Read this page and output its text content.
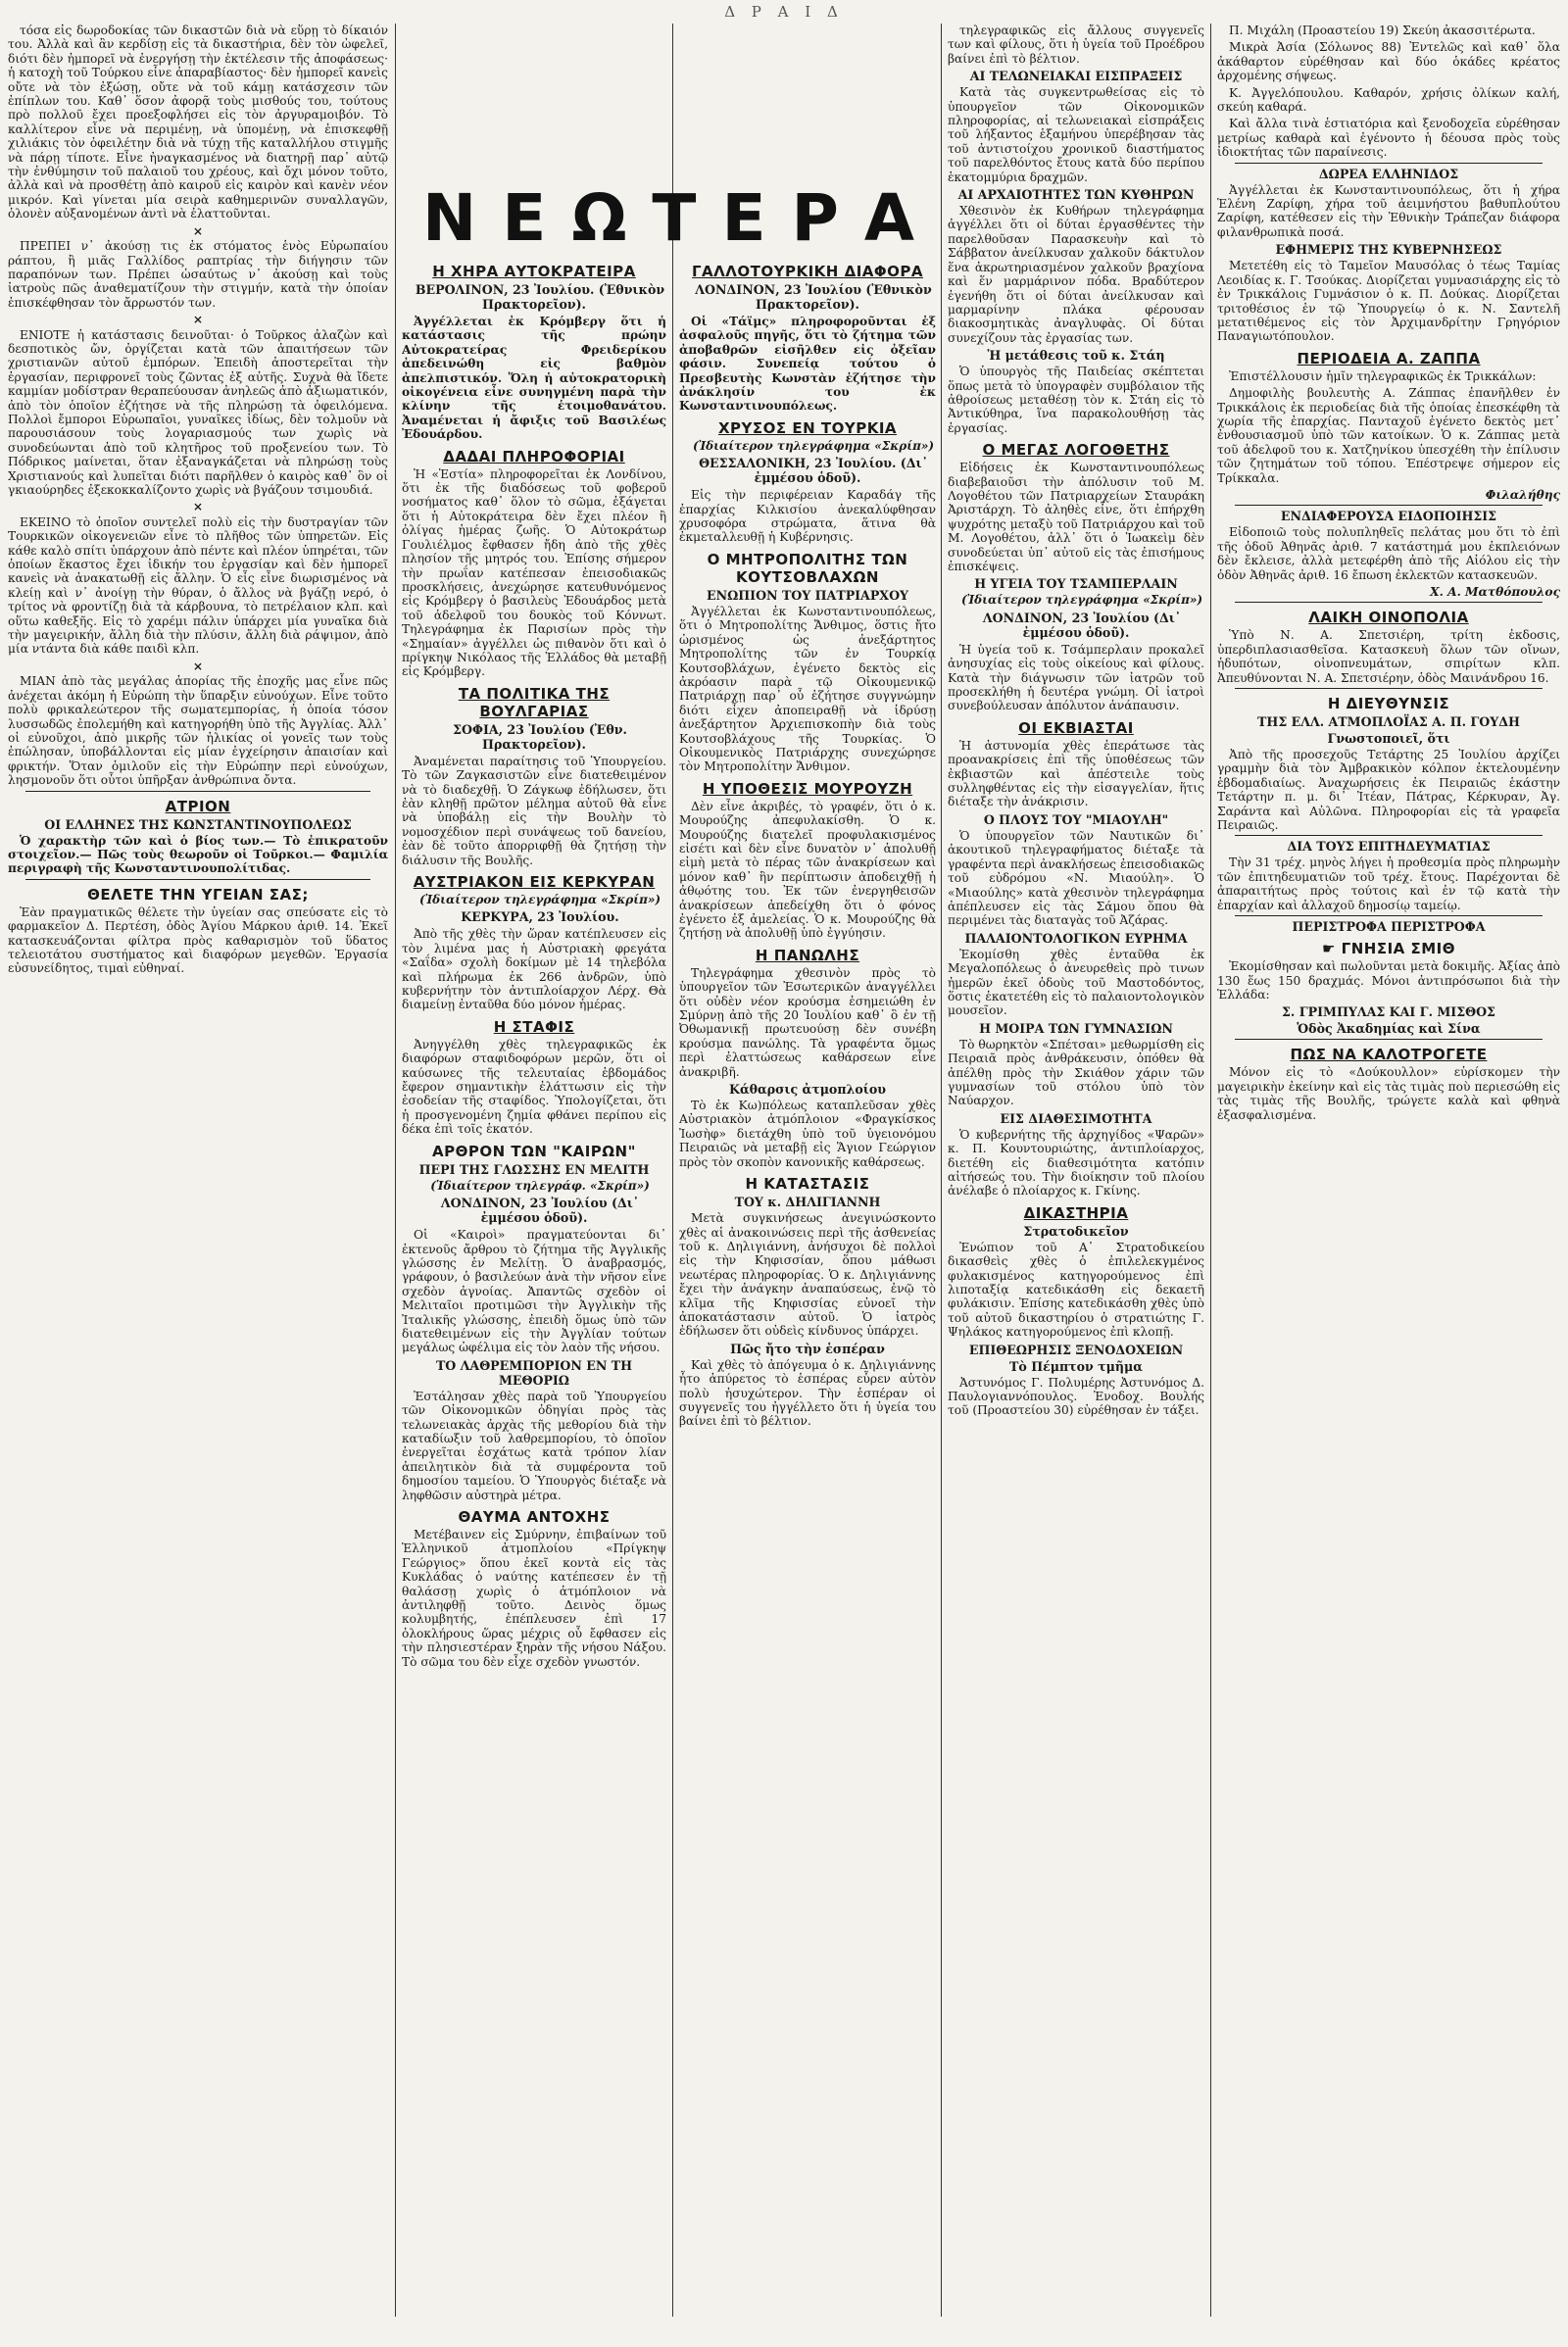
Δ Ρ Α Ι Δ

τόσα εἰς δωροδοκίας τῶν δικαστῶν διὰ νὰ εὕρῃ τὸ δίκαιόν του. Ἀλλὰ καὶ ἂν κερδίσῃ εἰς τὰ δικαστήρια, δὲν τὸν ὠφελεῖ, διότι δὲν ἠμπορεῖ νὰ ἐνεργήσῃ τὴν ἐκτέλεσιν τῆς ἀποφάσεως· ἡ κατοχὴ τοῦ Τούρκου εἶνε ἀπαραβίαστος· δὲν ἠμπορεῖ κανεὶς οὔτε νὰ τὸν ἐξώσῃ, οὔτε νὰ τοῦ κάμῃ κατάσχεσιν τῶν ἐπίπλων του. Καθ᾽ ὅσον ἀφορᾷ τοὺς μισθούς του, τούτους πρὸ πολλοῦ ἔχει προεξοφλήσει εἰς τὸν ἀργυραμοιβόν. Τὸ καλλίτερον εἶνε νὰ περιμένῃ, νὰ ὑπομένῃ, νὰ ἐπισκεφθῇ χιλιάκις τὸν ὀφειλέτην διὰ νὰ τύχῃ τῆς καταλλήλου στιγμῆς νὰ πάρῃ τίποτε. Εἶνε ἠναγκασμένος νὰ διατηρῇ παρ᾽ αὐτῷ τὴν ἐνθύμησιν τοῦ παλαιοῦ του χρέους, καὶ ὄχι μόνον τοῦτο, ἀλλὰ καὶ νὰ προσθέτῃ ἀπὸ καιροῦ εἰς καιρὸν καὶ κανὲν νέον μικρόν. Καὶ γίνεται μία σειρὰ καθημερινῶν συναλλαγῶν, ὁλονὲν αὐξανομένων ἀντὶ νὰ ἐλαττοῦνται.

×

ΠΡΕΠΕΙ ν᾽ ἀκούσῃ τις ἐκ στόματος ἑνὸς Εὐρωπαίου ράπτου, ἢ μιᾶς Γαλλίδος ραπτρίας τὴν διήγησιν τῶν παραπόνων των. Πρέπει ὡσαύτως ν᾽ ἀκούσῃ καὶ τοὺς ἰατροὺς πῶς ἀναθεματίζουν τὴν στιγμήν, κατὰ τὴν ὁποίαν ἐπισκέφθησαν τὸν ἄρρωστόν των.

×

ΕΝΙΟΤΕ ἡ κατάστασις δεινοῦται· ὁ Τοῦρκος ἀλαζὼν καὶ δεσποτικὸς ὤν, ὀργίζεται κατὰ τῶν ἀπαιτήσεων τῶν χριστιανῶν αὐτοῦ ἐμπόρων. Ἐπειδὴ ἀποστερεῖται τὴν ἐργασίαν, περιφρονεῖ τοὺς ζῶντας ἐξ αὐτῆς. Συχνὰ θὰ ἴδετε καμμίαν μοδίστραν θεραπεύουσαν ἀνηλεῶς ἀπὸ ἀξιωματικόν, ἀπὸ τὸν ὁποῖον ἐζήτησε νὰ τῆς πληρώσῃ τὰ ὀφειλόμενα. Πολλοὶ ἔμποροι Εὐρωπαῖοι, γυναῖκες ἰδίως, δὲν τολμοῦν νὰ παρουσιάσουν τοὺς λογαριασμούς των χωρὶς νὰ συνοδεύωνται ἀπὸ τοῦ κλητῆρος τοῦ προξενείου των. Τὸ Πόδρικος μαίνεται, ὅταν ἐξαναγκάζεται νὰ πληρώσῃ τοὺς Χριστιανούς καὶ λυπεῖται διότι παρῆλθεν ὁ καιρὸς καθ᾽ ὃν οἱ γκιαούρηδες ἐξεκοκκαλίζοντο χωρὶς νὰ βγάζουν τσιμουδιά.

×

ΕΚΕΙΝΟ τὸ ὁποῖον συντελεῖ πολὺ εἰς τὴν δυστραγίαν τῶν Τουρκικῶν οἰκογενειῶν εἶνε τὸ πλῆθος τῶν ὑπηρετῶν. Εἰς κάθε καλὸ σπίτι ὑπάρχουν ἀπὸ πέντε καὶ πλέον ὑπηρέται, τῶν ὁποίων ἕκαστος ἔχει ἰδικήν του ἐργασίαν καὶ δὲν ἠμπορεῖ κανεὶς νὰ ἀνακατωθῇ εἰς ἄλλην. Ὁ εἷς εἶνε διωρισμένος νὰ κλείῃ καὶ ν᾽ ἀνοίγῃ τὴν θύραν, ὁ ἄλλος νὰ βγάζῃ νερό, ὁ τρίτος νὰ φροντίζῃ διὰ τὰ κάρβουνα, τὸ πετρέλαιον κλπ. καὶ οὕτω καθεξῆς. Εἰς τὸ χαρέμι πάλιν ὑπάρχει μία γυναῖκα διὰ τὴν μαγειρικήν, ἄλλη διὰ τὴν πλύσιν, ἄλλη διὰ ράψιμον, ἀπὸ μία ντάντα διὰ κάθε παιδὶ κλπ.

×

ΜΙΑΝ ἀπὸ τὰς μεγάλας ἀπορίας τῆς ἐποχῆς μας εἶνε πῶς ἀνέχεται ἀκόμη ἡ Εὐρώπη τὴν ὕπαρξιν εὐνούχων. Εἶνε τοῦτο πολὺ φρικαλεώτερον τῆς σωματεμπορίας, ἡ ὁποία τόσον λυσσωδῶς ἐπολεμήθη καὶ κατηγορήθη ὑπὸ τῆς Ἀγγλίας. Ἀλλ᾽ οἱ εὐνοῦχοι, ἀπὸ μικρῆς τῶν ἡλικίας οἱ γονεῖς των τοὺς ἐπώλησαν, ὑποβάλλονται εἰς μίαν ἐγχείρησιν ἀπαισίαν καὶ φρικτήν. Ὅταν ὁμιλοῦν εἰς τὴν Εὐρώπην περὶ εὐνούχων, λησμονοῦν ὅτι οὗτοι ὑπῆρξαν ἀνθρώπινα ὄντα.

ΑΤΡΙΟΝ
ΟΙ ΕΛΛΗΝΕΣ ΤΗΣ ΚΩΝΣΤΑΝΤΙΝΟΥΠΟΛΕΩΣ

Ὁ χαρακτὴρ τῶν καὶ ὁ βίος των.— Τὸ ἐπικρατοῦν στοιχεῖον.— Πῶς τοὺς θεωροῦν οἱ Τοῦρκοι.— Φαμιλία περιγραφὴ τῆς Κωνσταντινουπολίτιδας.

ΘΕΛΕΤΕ ΤΗΝ ΥΓΕΙΑΝ ΣΑΣ;

Ἐὰν πραγματικῶς θέλετε τὴν ὑγείαν σας σπεύσατε εἰς τὸ φαρμακεῖον Δ. Περτέση, ὁδὸς Ἁγίου Μάρκου ἀριθ. 14. Ἐκεῖ κατασκευάζονται φίλτρα πρὸς καθαρισμὸν τοῦ ὕδατος τελειοτάτου συστήματος καὶ διαφόρων μεγεθῶν. Ἐργασία εὐσυνείδητος, τιμαὶ εὐθηναί.

ΝΕΩΤΕΡΑ
Η ΧΗΡΑ ΑΥΤΟΚΡΑΤΕΙΡΑ

ΒΕΡΟΛΙΝΟΝ, 23 Ἰουλίου. (Ἐθνικὸν Πρακτορεῖον).

Ἀγγέλλεται ἐκ Κρόμβεργ ὅτι ἡ κατάστασις τῆς πρώην Αὐτοκρατείρας Φρειδερίκου ἀπεδεινώθη εἰς βαθμὸν ἀπελπιστικόν. Ὅλη ἡ αὐτοκρατορικὴ οἰκογένεια εἶνε συνηγμένη παρὰ τὴν κλίνην τῆς ἑτοιμοθανάτου. Ἀναμένεται ἡ ἄφιξις τοῦ Βασιλέως Ἐδουάρδου.

ΔΑΔΑΙ ΠΛΗΡΟΦΟΡΙΑΙ

Ἡ «Ἑστία» πληροφορεῖται ἐκ Λονδίνου, ὅτι ἐκ τῆς διαδόσεως τοῦ φοβεροῦ νοσήματος καθ᾽ ὅλον τὸ σῶμα, ἐξάγεται ὅτι ἡ Αὐτοκράτειρα δὲν ἔχει πλέον ἢ ὀλίγας ἡμέρας ζωῆς. Ὁ Αὐτοκράτωρ Γουλιέλμος ἔφθασεν ἤδη ἀπὸ τῆς χθὲς πλησίον τῆς μητρός του. Ἐπίσης σήμερον τὴν πρωΐαν κατέπεσαν ἐπεισοδιακῶς προσκλήσεις, ἀνεχώρησε κατευθυνόμενος εἰς Κρόμβεργ ὁ βασιλεὺς Ἐδουάρδος μετὰ τοῦ ἀδελφοῦ του δουκὸς τοῦ Κόννωτ. Τηλεγράφημα ἐκ Παρισίων πρὸς τὴν «Σημαίαν» ἀγγέλλει ὡς πιθανὸν ὅτι καὶ ὁ πρίγκηψ Νικόλαος τῆς Ἑλλάδος θὰ μεταβῇ εἰς Κρόμβεργ.

ΤΑ ΠΟΛΙΤΙΚΑ ΤΗΣ ΒΟΥΛΓΑΡΙΑΣ

ΣΟΦΙΑ, 23 Ἰουλίου (Ἐθν. Πρακτορεῖον).

Ἀναμένεται παραίτησις τοῦ Ὑπουργείου. Τὸ τῶν Ζαγκασιστῶν εἶνε διατεθειμένον νὰ τὸ διαδεχθῇ. Ὁ Ζάγκωφ ἐδήλωσεν, ὅτι ἐὰν κληθῇ πρῶτον μέλημα αὐτοῦ θὰ εἶνε νὰ ὑποβάλῃ εἰς τὴν Βουλὴν τὸ νομοσχέδιον περὶ συνάψεως τοῦ δανείου, ἐὰν δὲ τοῦτο ἀπορριφθῇ θὰ ζητήσῃ τὴν διάλυσιν τῆς Βουλῆς.

ΑΥΣΤΡΙΑΚΟΝ ΕΙΣ ΚΕΡΚΥΡΑΝ

(Ἰδιαίτερον τηλεγράφημα «Σκρίπ»)

ΚΕΡΚΥΡΑ, 23 Ἰουλίου.

Ἀπὸ τῆς χθὲς τὴν ὥραν κατέπλευσεν εἰς τὸν λιμένα μας ἡ Αὐστριακὴ φρεγάτα «Σαΐδα» σχολὴ δοκίμων μὲ 14 τηλεβόλα καὶ πλήρωμα ἐκ 266 ἀνδρῶν, ὑπὸ κυβερνήτην τὸν ἀντιπλοίαρχον Λέρχ. Θὰ διαμείνῃ ἐνταῦθα δύο μόνον ἡμέρας.

Η ΣΤΑΦΙΣ

Ἀνηγγέλθη χθὲς τηλεγραφικῶς ἐκ διαφόρων σταφιδοφόρων μερῶν, ὅτι οἱ καύσωνες τῆς τελευταίας ἑβδομάδος ἔφερον σημαντικὴν ἐλάττωσιν εἰς τὴν ἐσοδείαν τῆς σταφίδος. Ὑπολογίζεται, ὅτι ἡ προσγενομένη ζημία φθάνει περίπου εἰς δέκα ἐπὶ τοῖς ἑκατόν.

ΑΡΘΡΟΝ ΤΩΝ "ΚΑΙΡΩΝ"
ΠΕΡΙ ΤΗΣ ΓΛΩΣΣΗΣ ΕΝ ΜΕΛΙΤΗ

(Ἰδιαίτερον τηλεγράφ. «Σκρίπ»)

ΛΟΝΔΙΝΟΝ, 23 Ἰουλίου (Δι᾽ ἐμμέσου ὁδοῦ).

Οἱ «Καιροὶ» πραγματεύονται δι᾽ ἐκτενοῦς ἄρθρου τὸ ζήτημα τῆς Ἀγγλικῆς γλώσσης ἐν Μελίτῃ. Ὁ ἀναβρασμός, γράφουν, ὁ βασιλεύων ἀνὰ τὴν νῆσον εἶνε σχεδὸν ἀγνοίας. Ἀπαντῶς σχεδὸν οἱ Μελιταῖοι προτιμῶσι τὴν Ἀγγλικὴν τῆς Ἰταλικῆς γλώσσης, ἐπειδὴ ὅμως ὑπὸ τῶν διατεθειμένων εἰς τὴν Ἀγγλίαν τούτων μεγάλως ὠφέλιμα εἰς τὸν λαὸν τῆς νήσου.

ΤΟ ΛΑΘΡΕΜΠΟΡΙΟΝ ΕΝ ΤΗ ΜΕΘΟΡΙΩ

Ἐστάλησαν χθὲς παρὰ τοῦ Ὑπουργείου τῶν Οἰκονομικῶν ὁδηγίαι πρὸς τὰς τελωνειακὰς ἀρχὰς τῆς μεθορίου διὰ τὴν καταδίωξιν τοῦ λαθρεμπορίου, τὸ ὁποῖον ἐνεργεῖται ἐσχάτως κατὰ τρόπον λίαν ἀπειλητικὸν διὰ τὰ συμφέροντα τοῦ δημοσίου ταμείου. Ὁ Ὑπουργὸς διέταξε νὰ ληφθῶσιν αὐστηρὰ μέτρα.

ΘΑΥΜΑ ΑΝΤΟΧΗΣ

Μετέβαινεν εἰς Σμύρνην, ἐπιβαίνων τοῦ Ἑλληνικοῦ ἀτμοπλοίου «Πρίγκηψ Γεώργιος» ὅπου ἐκεῖ κοντὰ εἰς τὰς Κυκλάδας ὁ ναύτης κατέπεσεν ἐν τῇ θαλάσσῃ χωρὶς ὁ ἀτμόπλοιον νὰ ἀντιληφθῇ τοῦτο. Δεινὸς ὅμως κολυμβητής, ἐπέπλευσεν ἐπὶ 17 ὁλοκλήρους ὥρας μέχρις οὗ ἔφθασεν εἰς τὴν πλησιεστέραν ξηρὰν τῆς νήσου Νάξου. Τὸ σῶμα του δὲν εἶχε σχεδὸν γνωστόν.

ΓΑΛΛΟΤΟΥΡΚΙΚΗ ΔΙΑΦΟΡΑ

ΛΟΝΔΙΝΟΝ, 23 Ἰουλίου (Ἐθνικὸν Πρακτορεῖον).

Οἱ «Τάϊμς» πληροφοροῦνται ἐξ ἀσφαλοῦς πηγῆς, ὅτι τὸ ζήτημα τῶν ἀποβαθρῶν εἰσῆλθεν εἰς ὀξεῖαν φάσιν. Συνεπείᾳ τούτου ὁ Πρεσβευτὴς Κωνστὰν ἐζήτησε τὴν ἀνάκλησίν του ἐκ Κωνσταντινουπόλεως.

ΧΡΥΣΟΣ ΕΝ ΤΟΥΡΚΙΑ

(Ἰδιαίτερον τηλεγράφημα «Σκρίπ»)

ΘΕΣΣΑΛΟΝΙΚΗ, 23 Ἰουλίου. (Δι᾽ ἐμμέσου ὁδοῦ).

Εἰς τὴν περιφέρειαν Καραδάγ τῆς ἐπαρχίας Κιλκισίου ἀνεκαλύφθησαν χρυσοφόρα στρώματα, ἅτινα θὰ ἐκμεταλλευθῇ ἡ Κυβέρνησις.

Ο ΜΗΤΡΟΠΟΛΙΤΗΣ ΤΩΝ ΚΟΥΤΣΟΒΛΑΧΩΝ
ΕΝΩΠΙΟΝ ΤΟΥ ΠΑΤΡΙΑΡΧΟΥ

Ἀγγέλλεται ἐκ Κωνσταντινουπόλεως, ὅτι ὁ Μητροπολίτης Ἄνθιμος, ὅστις ἤτο ὡρισμένος ὡς ἀνεξάρτητος Μητροπολίτης τῶν ἐν Τουρκίᾳ Κουτσοβλάχων, ἐγένετο δεκτὸς εἰς ἀκρόασιν παρὰ τῷ Οἰκουμενικῷ Πατριάρχῃ παρ᾽ οὗ ἐζήτησε συγγνώμην διότι εἶχεν ἀποπειραθῇ νὰ ἱδρύσῃ ἀνεξάρτητον Ἀρχιεπισκοπὴν διὰ τοὺς Κουτσοβλάχους τῆς Τουρκίας. Ὁ Οἰκουμενικὸς Πατριάρχης συνεχώρησε τὸν Μητροπολίτην Ἄνθιμον.

Η ΥΠΟΘΕΣΙΣ ΜΟΥΡΟΥΖΗ

Δὲν εἶνε ἀκριβές, τὸ γραφέν, ὅτι ὁ κ. Μουρούζης ἀπεφυλακίσθη. Ὁ κ. Μουρούζης διατελεῖ προφυλακισμένος εἰσέτι καὶ δὲν εἶνε δυνατὸν ν᾽ ἀπολυθῇ εἰμὴ μετὰ τὸ πέρας τῶν ἀνακρίσεων καὶ μόνον καθ᾽ ἣν περίπτωσιν ἀποδειχθῇ ἡ ἀθῳότης του. Ἐκ τῶν ἐνεργηθεισῶν ἀνακρίσεων ἀπεδείχθη ὅτι ὁ φόνος ἐγένετο ἐξ ἀμελείας. Ὁ κ. Μουρούζης θὰ ζητήσῃ νὰ ἀπολυθῇ ὑπὸ ἐγγύησιν.

Η ΠΑΝΩΛΗΣ

Τηλεγράφημα χθεσινὸν πρὸς τὸ ὑπουργεῖον τῶν Ἐσωτερικῶν ἀναγγέλλει ὅτι οὐδὲν νέον κρούσμα ἐσημειώθη ἐν Σμύρνῃ ἀπὸ τῆς 20 Ἰουλίου καθ᾽ ὃ ἐν τῇ Ὀθωμανικῇ πρωτευούσῃ δὲν συνέβη κρούσμα πανώλης. Τὰ γραφέντα ὅμως περὶ ἐλαττώσεως καθάρσεων εἶνε ἀνακριβῆ.

Κάθαρσις ἀτμοπλοίου

Τὸ ἐκ Κω)πόλεως καταπλεῦσαν χθὲς Αὐστριακὸν ἀτμόπλοιον «Φραγκίσκος Ἰωσὴφ» διετάχθη ὑπὸ τοῦ ὑγειονόμου Πειραιῶς νὰ μεταβῇ εἰς Ἅγιον Γεώργιον πρὸς τὸν σκοπὸν κανονικῆς καθάρσεως.

Η ΚΑΤΑΣΤΑΣΙΣ
ΤΟΥ κ. ΔΗΛΙΓΙΑΝΝΗ

Μετὰ συγκινήσεως ἀνεγινώσκοντο χθὲς αἱ ἀνακοινώσεις περὶ τῆς ἀσθενείας τοῦ κ. Δηλιγιάννη, ἀνήσυχοι δὲ πολλοὶ εἰς τὴν Κηφισσίαν, ὅπου μάθωσι νεωτέρας πληροφορίας. Ὁ κ. Δηλιγιάννης ἔχει τὴν ἀνάγκην ἀναπαύσεως, ἐνῷ τὸ κλῖμα τῆς Κηφισσίας εὐνοεῖ τὴν ἀποκατάστασιν αὐτοῦ. Ὁ ἰατρὸς ἐδήλωσεν ὅτι οὐδεὶς κίνδυνος ὑπάρχει.

Πῶς ἤτο τὴν ἑσπέραν

Καὶ χθὲς τὸ ἀπόγευμα ὁ κ. Δηλιγιάννης ἦτο ἀπύρετος τὸ ἑσπέρας εὗρεν αὐτὸν πολὺ ἡσυχώτερον. Τὴν ἑσπέραν οἱ συγγενεῖς του ἠγγέλλετο ὅτι ἡ ὑγεία του βαίνει ἐπὶ τὸ βέλτιον.

τηλεγραφικῶς εἰς ἄλλους συγγενεῖς των καὶ φίλους, ὅτι ἡ ὑγεία τοῦ Προέδρου βαίνει ἐπὶ τὸ βέλτιον.

ΑΙ ΤΕΛΩΝΕΙΑΚΑΙ ΕΙΣΠΡΑΞΕΙΣ

Κατὰ τὰς συγκεντρωθείσας εἰς τὸ ὑπουργεῖον τῶν Οἰκονομικῶν πληροφορίας, αἱ τελωνειακαὶ εἰσπράξεις τοῦ λήξαντος ἑξαμήνου ὑπερέβησαν τὰς τοῦ ἀντιστοίχου χρονικοῦ διαστήματος τοῦ παρελθόντος ἔτους κατὰ δύο περίπου ἑκατομμύρια δραχμῶν.

ΑΙ ΑΡΧΑΙΟΤΗΤΕΣ ΤΩΝ ΚΥΘΗΡΩΝ

Χθεσινὸν ἐκ Κυθήρων τηλεγράφημα ἀγγέλλει ὅτι οἱ δύται ἐργασθέντες τὴν παρελθοῦσαν Παρασκευὴν καὶ τὸ Σάββατον ἀνείλκυσαν χαλκοῦν δάκτυλον ἕνα ἀκρωτηριασμένον χαλκοῦν βραχίονα καὶ ἕν μαρμάρινον πόδα. Βραδύτερον ἐγενήθη ὅτι οἱ δύται ἀνείλκυσαν καὶ μαρμαρίνην πλάκα φέρουσαν διακοσμητικὰς ἀναγλυφὰς. Οἱ δύται συνεχίζουν τὰς ἐργασίας των.

Ἡ μετάθεσις τοῦ κ. Στάη

Ὁ ὑπουργὸς τῆς Παιδείας σκέπτεται ὅπως μετὰ τὸ ὑπογραφὲν συμβόλαιον τῆς ἀθροίσεως μεταθέσῃ τὸν κ. Στάη εἰς τὸ Ἀντικύθηρα, ἵνα παρακολουθήσῃ τὰς ἐργασίας.

Ο ΜΕΓΑΣ ΛΟΓΟΘΕΤΗΣ

Εἰδήσεις ἐκ Κωνσταντινουπόλεως διαβεβαιοῦσι τὴν ἀπόλυσιν τοῦ Μ. Λογοθέτου τῶν Πατριαρχείων Σταυράκη Ἀριστάρχη. Τὸ ἀληθὲς εἶνε, ὅτι ἐπήρχθη ψυχρότης μεταξὺ τοῦ Πατριάρχου καὶ τοῦ Μ. Λογοθέτου, ἀλλ᾽ ὅτι ὁ Ἰωακεὶμ δὲν συνοδεύεται ὑπ᾽ αὐτοῦ εἰς τὰς ἐπισήμους ἐπισκέψεις.

Η ΥΓΕΙΑ ΤΟΥ ΤΣΑΜΠΕΡΛΑΙΝ

(Ἰδιαίτερον τηλεγράφημα «Σκρίπ»)

ΛΟΝΔΙΝΟΝ, 23 Ἰουλίου (Δι᾽ ἐμμέσου ὁδοῦ).

Ἡ ὑγεία τοῦ κ. Τσάμπερλαιν προκαλεῖ ἀνησυχίας εἰς τοὺς οἰκείους καὶ φίλους. Κατὰ τὴν διάγνωσιν τῶν ἰατρῶν τοῦ προσεκλήθη ἡ δευτέρα γνώμη. Οἱ ἰατροὶ συνεβούλευσαν ἀπόλυτον ἀνάπαυσιν.

ΟΙ ΕΚΒΙΑΣΤΑΙ

Ἡ ἀστυνομία χθὲς ἐπεράτωσε τὰς προανακρίσεις ἐπὶ τῆς ὑποθέσεως τῶν ἐκβιαστῶν καὶ ἀπέστειλε τοὺς συλληφθέντας εἰς τὴν εἰσαγγελίαν, ἥτις διέταξε τὴν ἀνάκρισιν.

Ο ΠΛΟΥΣ ΤΟΥ "ΜΙΑΟΥΛΗ"

Ὁ ὑπουργεῖον τῶν Ναυτικῶν δι᾽ ἀκουτικοῦ τηλεγραφήματος διέταξε τὰ γραφέντα περὶ ἀνακλήσεως ἐπεισοδιακῶς τοῦ εὐδρόμου «Ν. Μιαούλη». Ὁ «Μιαούλης» κατὰ χθεσινὸν τηλεγράφημα ἀπέπλευσεν εἰς τὰς Σάμου ὅπου θὰ περιμένει τὰς διαταγὰς τοῦ Ἀζάρας.

ΠΑΛΑΙΟΝΤΟΛΟΓΙΚΟΝ ΕΥΡΗΜΑ

Ἐκομίσθη χθὲς ἐνταῦθα ἐκ Μεγαλοπόλεως ὁ ἀνευρεθεὶς πρὸ τινων ἡμερῶν ἐκεῖ ὀδοὺς τοῦ Μαστοδόντος, ὅστις ἐκατετέθη εἰς τὸ παλαιοντολογικὸν μουσεῖον.

Η ΜΟΙΡΑ ΤΩΝ ΓΥΜΝΑΣΙΩΝ

Τὸ θωρηκτὸν «Σπέτσαι» μεθωρμίσθη εἰς Πειραιᾶ πρὸς ἀνθράκευσιν, ὁπόθεν θὰ ἀπέλθῃ πρὸς τὴν Σκιάθον χάριν τῶν γυμνασίων τοῦ στόλου ὑπὸ τὸν Ναύαρχον.

ΕΙΣ ΔΙΑΘΕΣΙΜΟΤΗΤΑ

Ὁ κυβερνήτης τῆς ἀρχηγίδος «Ψαρῶν» κ. Π. Κουντουριώτης, ἀντιπλοίαρχος, διετέθη εἰς διαθεσιμότητα κατόπιν αἰτήσεώς του. Τὴν διοίκησιν τοῦ πλοίου ἀνέλαβε ὁ πλοίαρχος κ. Γκίνης.

ΔΙΚΑΣΤΗΡΙΑ
Στρατοδικεῖον

Ἐνώπιον τοῦ Α᾽ Στρατοδικείου δικασθεὶς χθὲς ὁ ἐπιλελεκγμένος φυλακισμένος κατηγορούμενος ἐπὶ λιποταξίᾳ κατεδικάσθη εἰς δεκαετῆ φυλάκισιν. Ἐπίσης κατεδικάσθη χθὲς ὑπὸ τοῦ αὐτοῦ δικαστηρίου ὁ στρατιώτης Γ. Ψηλάκος κατηγορούμενος ἐπὶ κλοπῇ.

ΕΠΙΘΕΩΡΗΣΙΣ ΞΕΝΟΔΟΧΕΙΩΝ
Τὸ Πέμπτον τμῆμα

Ἀστυνόμος Γ. Πολυμέρης Ἀστυνόμος Δ. Παυλογιαννόπουλος. Ἐνοδοχ. Βουλής τοῦ (Προαστείου 30) εὑρέθησαν ἐν τάξει.

Π. Μιχάλη (Προαστείου 19) Σκεύη ἀκασσιτέρωτα.

Μικρὰ Ἀσία (Σόλωνος 88) Ἐντελῶς καὶ καθ᾽ ὅλα ἀκάθαρτον εὑρέθησαν καὶ δύο ὁκάδες κρέατος ἀρχομένης σήψεως.

Κ. Ἀγγελόπουλου. Καθαρόν, χρήσις ὀλίκων καλή, σκεύη καθαρά.

Καὶ ἄλλα τινὰ ἑστιατόρια καὶ ξενοδοχεῖα εὑρέθησαν μετρίως καθαρὰ καὶ ἐγένοντο ἡ δέουσα πρὸς τοὺς ἰδιοκτήτας τῶν παραίνεσις.

ΔΩΡΕΑ ΕΛΛΗΝΙΔΟΣ

Ἀγγέλλεται ἐκ Κωνσταντινουπόλεως, ὅτι ἡ χήρα Ἑλένη Ζαρίφη, χήρα τοῦ ἀειμνήστου βαθυπλούτου Ζαρίφη, κατέθεσεν εἰς τὴν Ἐθνικὴν Τράπεζαν διάφορα φιλανθρωπικὰ ποσά.

ΕΦΗΜΕΡΙΣ ΤΗΣ ΚΥΒΕΡΝΗΣΕΩΣ

Μετετέθη εἰς τὸ Ταμεῖον Μαυσόλας ὁ τέως Ταμίας Λεοιδίας κ. Γ. Τσούκας. Διορίζεται γυμνασιάρχης εἰς τὸ ἐν Τρικκάλοις Γυμνάσιον ὁ κ. Π. Δούκας. Διορίζεται τριτοθέσιος ἐν τῷ Ὑπουργείῳ ὁ κ. Ν. Σαντελῆ μετατιθέμενος εἰς τὸν Ἀρχιμανδρίτην Γρηγόριον Παναγιωτόπουλον.

ΠΕΡΙΟΔΕΙΑ Α. ΖΑΠΠΑ

Ἐπιστέλλουσιν ἡμῖν τηλεγραφικῶς ἐκ Τρικκάλων:

Δημοφιλὴς βουλευτὴς Α. Ζάππας ἐπανῆλθεν ἐν Τρικκάλοις ἐκ περιοδείας διὰ τῆς ὁποίας ἐπεσκέφθη τὰ χωρία τῆς ἐπαρχίας. Πανταχοῦ ἐγένετο δεκτὸς μετ᾽ ἐνθουσιασμοῦ ὑπὸ τῶν κατοίκων. Ὁ κ. Ζάππας μετὰ τοῦ ἀδελφοῦ του κ. Χατζηνίκου ὑπεσχέθη τὴν ἐπίλυσιν τῶν ζητημάτων τοῦ τόπου. Ἐπέστρεψε σήμερον εἰς Τρίκκαλα.

Φιλαλήθης

ΕΝΔΙΑΦΕΡΟΥΣΑ ΕΙΔΟΠΟΙΗΣΙΣ

Εἰδοποιῶ τοὺς πολυπληθεῖς πελάτας μου ὅτι τὸ ἐπὶ τῆς ὁδοῦ Ἀθηνᾶς ἀριθ. 7 κατάστημά μου ἐκπλειόνων δὲν ἔκλεισε, ἀλλὰ μετεφέρθη ἀπὸ τῆς Αἰόλου εἰς τὴν ὁδὸν Ἀθηνᾶς ἀριθ. 16 ἔπωση ἐκλεκτῶν κατασκευῶν.

Χ. Α. Ματθόπουλος

ΛΑΙΚΗ ΟΙΝΟΠΟΛΙΑ

Ὑπὸ Ν. Α. Σπετσιέρη, τρίτη ἐκδοσις, ὑπερδιπλασιασθεῖσα. Κατασκευὴ ὅλων τῶν οἴνων, ἡδυπότων, οἰνοπνευμάτων, σπιρίτων κλπ. Ἀπευθύνονται Ν. Α. Σπετσιέρην, ὁδὸς Μαινάνδρου 16.

Η ΔΙΕΥΘΥΝΣΙΣ
ΤΗΣ ΕΛΛ. ΑΤΜΟΠΛΟΪΑΣ Α. Π. ΓΟΥΔΗ
Γνωστοποιεῖ, ὅτι

Ἀπὸ τῆς προσεχοῦς Τετάρτης 25 Ἰουλίου ἀρχίζει γραμμὴν διὰ τὸν Ἀμβρακικὸν κόλπον ἐκτελουμένην ἑβδομαδιαίως. Ἀναχωρήσεις ἐκ Πειραιῶς ἑκάστην Τετάρτην π. μ. δι᾽ Ἰτέαν, Πάτρας, Κέρκυραν, Ἀγ. Σαράντα καὶ Αὐλῶνα. Πληροφορίαι εἰς τὰ γραφεῖα Πειραιῶς.

ΔΙΑ ΤΟΥΣ ΕΠΙΤΗΔΕΥΜΑΤΙΑΣ

Τὴν 31 τρέχ. μηνὸς λήγει ἡ προθεσμία πρὸς πληρωμὴν τῶν ἐπιτηδευματιῶν τοῦ τρέχ. ἔτους. Παρέχονται δὲ ἀπαραιτήτως πρὸς τούτοις καὶ ἐν τῷ κατὰ τὴν ἐπαρχίαν καὶ ἀλλαχοῦ δημοσίῳ ταμείῳ.

ΠΕΡΙΣΤΡΟΦΑ ΠΕΡΙΣΤΡΟΦΑ
☛ ΓΝΗΣΙΑ ΣΜΙΘ

Ἐκομίσθησαν καὶ πωλοῦνται μετὰ δοκιμῆς. Ἀξίας ἀπὸ 130 ἕως 150 δραχμάς. Μόνοι ἀντιπρόσωποι διὰ τὴν Ἑλλάδα:

Σ. ΓΡΙΜΠΥΛΑΣ ΚΑΙ Γ. ΜΙΣΘΟΣ
Ὁδὸς Ἀκαδημίας καὶ Σίνα
ΠΩΣ ΝΑ ΚΑΛΟΤΡΟΓΕΤΕ

Μόνον εἰς τὸ «Δούκουλλον» εὑρίσκομεν τὴν μαγειρικὴν ἐκείνην καὶ εἰς τὰς τιμὰς ποὺ περιεσώθη εἰς τὰς τιμὰς τῆς Βουλῆς, τρώγετε καλὰ καὶ φθηνὰ ἐξασφαλισμένα.
